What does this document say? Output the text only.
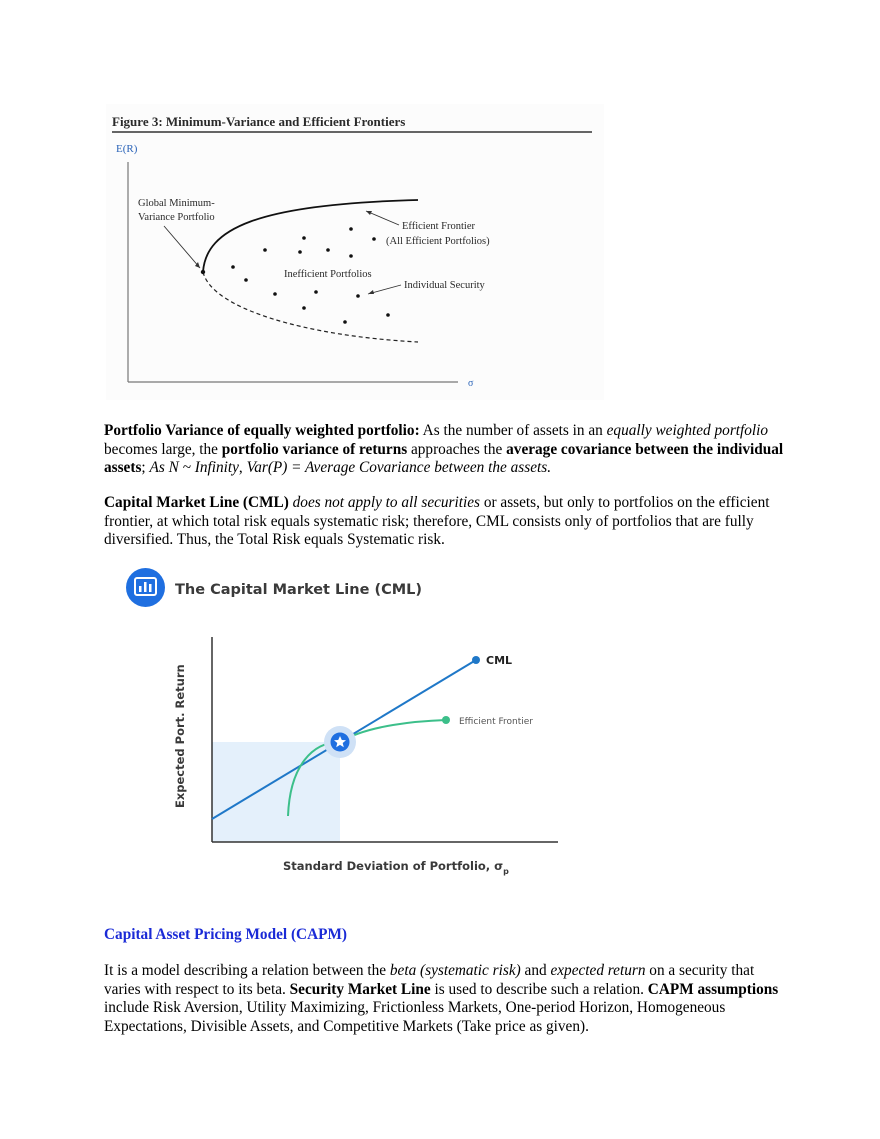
Figure 3: Minimum-Variance and Efficient Frontiers
E(R)
σ
Global Minimum-
Variance Portfolio
Efficient Frontier
(All Efficient Portfolios)
Inefficient Portfolios
Individual Security

Portfolio Variance of equally weighted portfolio: As the number of assets in an equally weighted portfolio becomes large, the portfolio variance of returns approaches the average covariance between the individual assets; As N ~ Infinity, Var(P) = Average Covariance between the assets.

Capital Market Line (CML) does not apply to all securities or assets, but only to portfolios on the efficient frontier, at which total risk equals systematic risk; therefore, CML consists only of portfolios that are fully diversified. Thus, the Total Risk equals Systematic risk.

The Capital Market Line (CML)
Expected Port. Return
Standard Deviation of Portfolio, $\sigma_p$
CML
Efficient Frontier

Capital Asset Pricing Model (CAPM)

It is a model describing a relation between the beta (systematic risk) and expected return on a security that varies with respect to its beta. Security Market Line is used to describe such a relation. CAPM assumptions include Risk Aversion, Utility Maximizing, Frictionless Markets, One-period Horizon, Homogeneous Expectations, Divisible Assets, and Competitive Markets (Take price as given).
